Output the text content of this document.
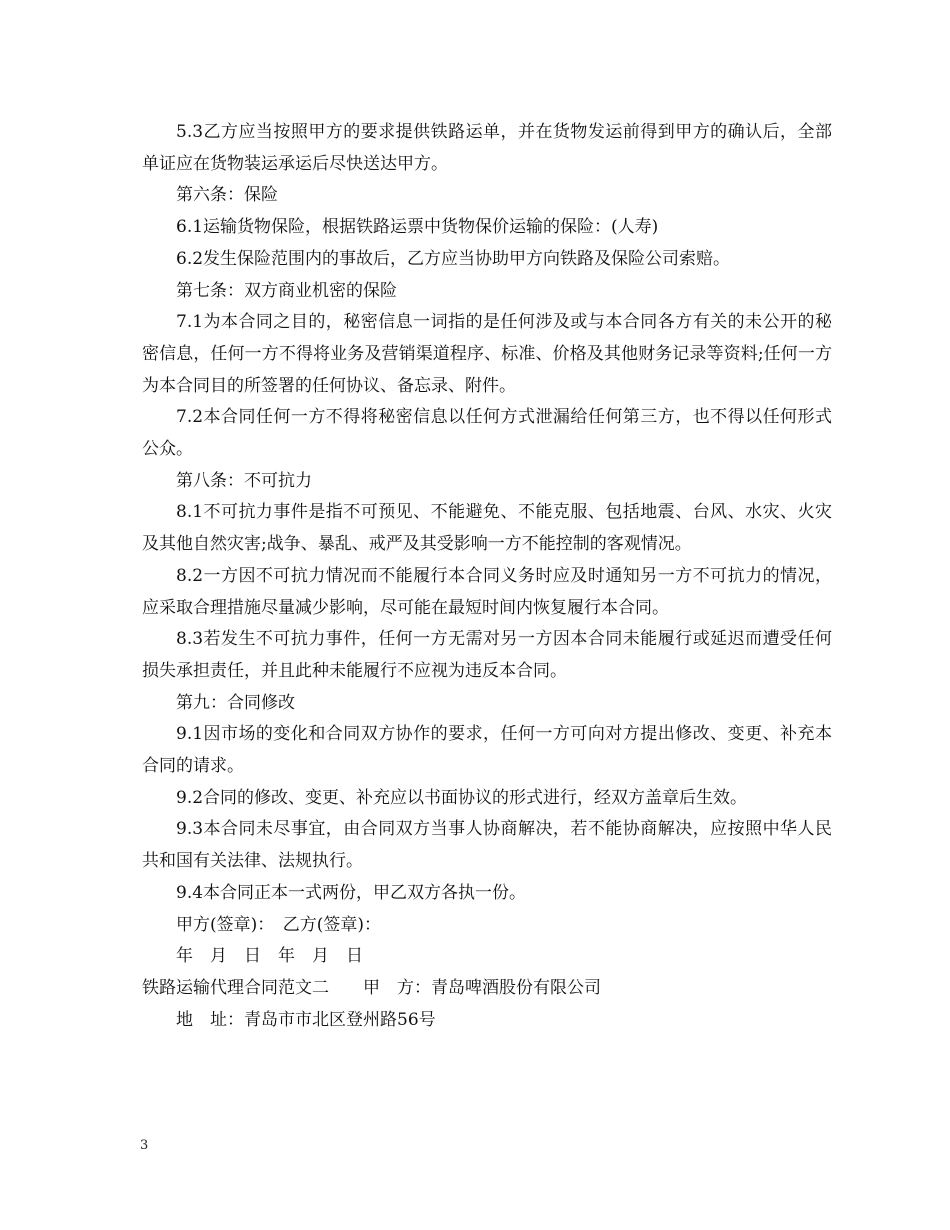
5.3乙方应当按照甲方的要求提供铁路运单，并在货物发运前得到甲方的确认后，全部单证应在货物装运承运后尽快送达甲方。

第六条：保险

6.1运输货物保险，根据铁路运票中货物保价运输的保险：(人寿)

6.2发生保险范围内的事故后，乙方应当协助甲方向铁路及保险公司索赔。

第七条：双方商业机密的保险

7.1为本合同之目的，秘密信息一词指的是任何涉及或与本合同各方有关的未公开的秘密信息，任何一方不得将业务及营销渠道程序、标准、价格及其他财务记录等资料;任何一方为本合同目的所签署的任何协议、备忘录、附件。

7.2本合同任何一方不得将秘密信息以任何方式泄漏给任何第三方，也不得以任何形式公众。

第八条：不可抗力

8.1不可抗力事件是指不可预见、不能避免、不能克服、包括地震、台风、水灾、火灾及其他自然灾害;战争、暴乱、戒严及其受影响一方不能控制的客观情况。

8.2一方因不可抗力情况而不能履行本合同义务时应及时通知另一方不可抗力的情况，应采取合理措施尽量减少影响，尽可能在最短时间内恢复履行本合同。

8.3若发生不可抗力事件，任何一方无需对另一方因本合同未能履行或延迟而遭受任何损失承担责任，并且此种未能履行不应视为违反本合同。

第九：合同修改

9.1因市场的变化和合同双方协作的要求，任何一方可向对方提出修改、变更、补充本合同的请求。

9.2合同的修改、变更、补充应以书面协议的形式进行，经双方盖章后生效。

9.3本合同未尽事宜，由合同双方当事人协商解决，若不能协商解决，应按照中华人民共和国有关法律、法规执行。

9.4本合同正本一式两份，甲乙双方各执一份。

甲方(签章)：　乙方(签章)：

年　月　日　年　月　日

铁路运输代理合同范文二　　甲　方：青岛啤酒股份有限公司

地　址：青岛市市北区登州路56号

3
